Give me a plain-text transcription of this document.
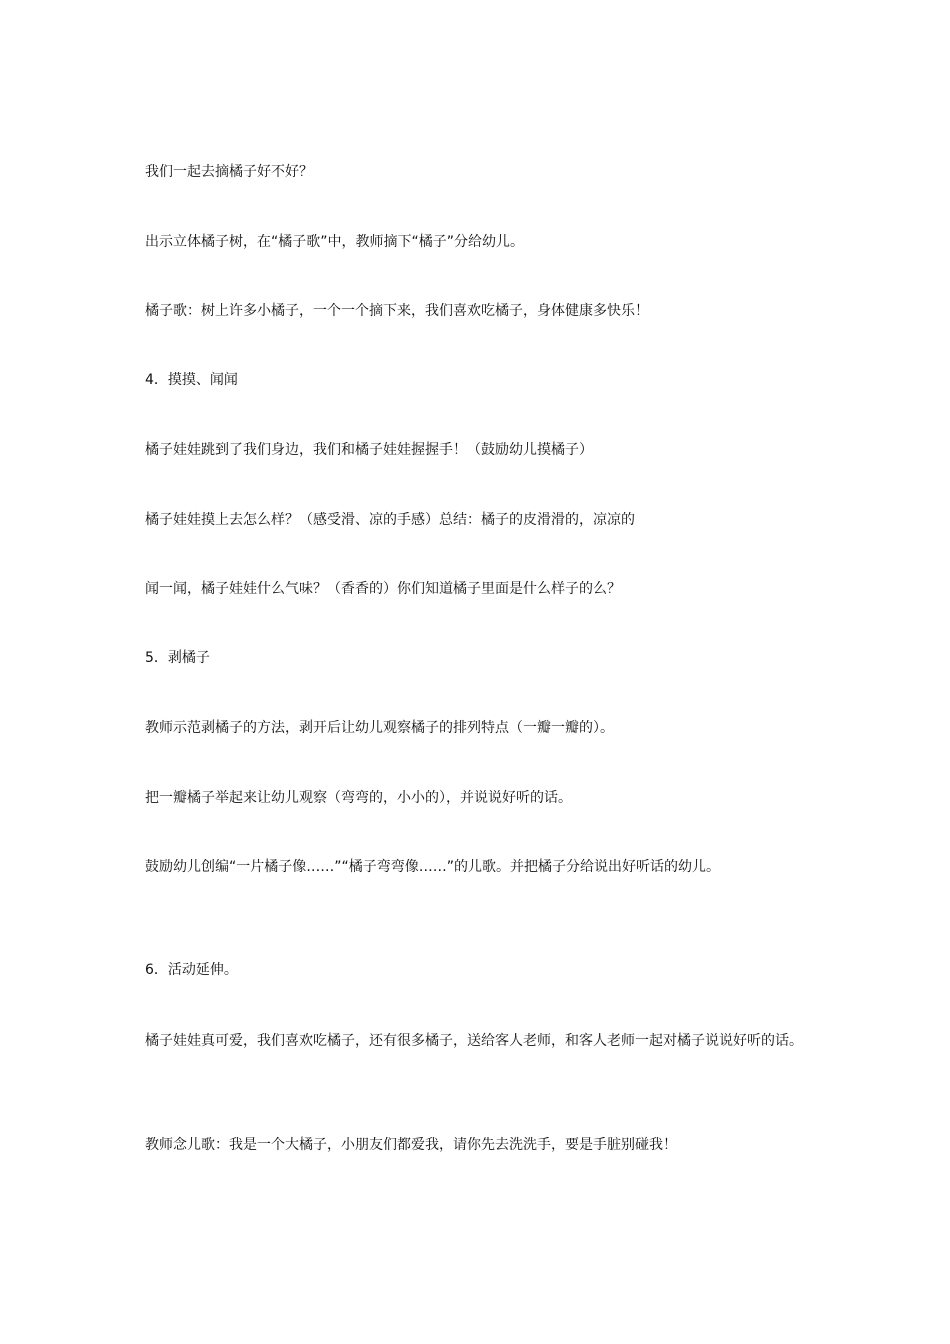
我们一起去摘橘子好不好？

出示立体橘子树，在“橘子歌”中，教师摘下“橘子”分给幼儿。

橘子歌：树上许多小橘子，一个一个摘下来，我们喜欢吃橘子，身体健康多快乐！

4．摸摸、闻闻

橘子娃娃跳到了我们身边，我们和橘子娃娃握握手！（鼓励幼儿摸橘子）

橘子娃娃摸上去怎么样？（感受滑、凉的手感）总结：橘子的皮滑滑的，凉凉的

闻一闻，橘子娃娃什么气味？（香香的）你们知道橘子里面是什么样子的么？

5．剥橘子

教师示范剥橘子的方法，剥开后让幼儿观察橘子的排列特点（一瓣一瓣的）。

把一瓣橘子举起来让幼儿观察（弯弯的，小小的），并说说好听的话。

鼓励幼儿创编“一片橘子像……”“橘子弯弯像……”的儿歌。并把橘子分给说出好听话的幼儿。

6．活动延伸。

橘子娃娃真可爱，我们喜欢吃橘子，还有很多橘子，送给客人老师，和客人老师一起对橘子说说好听的话。

教师念儿歌：我是一个大橘子，小朋友们都爱我，请你先去洗洗手，要是手脏别碰我！
